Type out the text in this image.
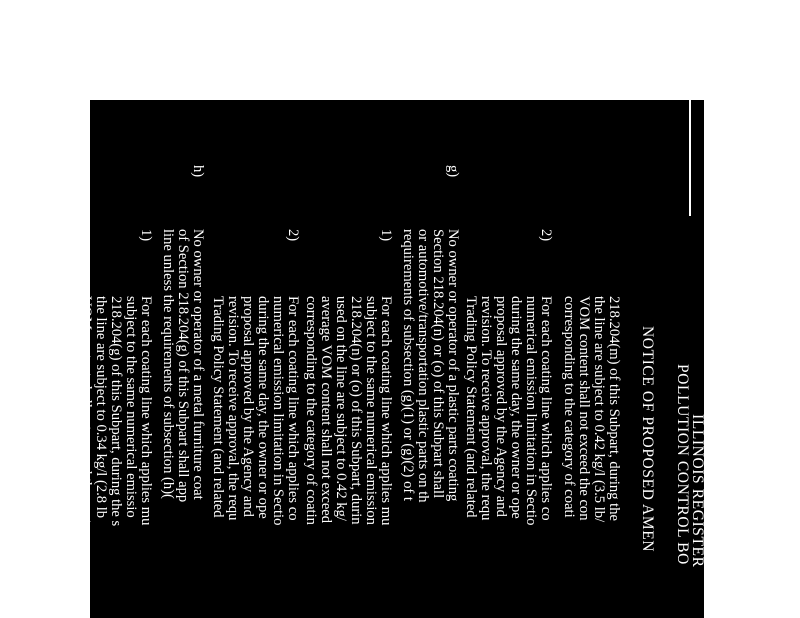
ILLINOIS REGISTER
POLLUTION CONTROL BO
NOTICE OF PROPOSED AMEN
218.204(m) of this Subpart, during the
the line are subject to 0.42 kg/l (3.5 lb/
VOM content shall not exceed the con
corresponding to the category of coati
2)
For each coating line which applies co
numerical emission limitation in Sectio
during the same day, the owner or ope
proposal approved by the Agency and
revision. To receive approval, the requ
Trading Policy Statement (and related
g)
No owner or operator of a plastic parts coating
Section 218.204(n) or (o) of this Subpart shall
or automotive/transportation plastic parts on th
requirements of subsection (g)(1) or (g)(2) of t
1)
For each coating line which applies mu
subject to the same numerical emission
218.204(n) or (o) of this Subpart, durin
used on the line are subject to 0.42 kg/
average VOM content shall not exceed
corresponding to the category of coatin
2)
For each coating line which applies co
numerical emission limitation in Sectio
during the same day, the owner or ope
proposal approved by the Agency and
revision. To receive approval, the requ
Trading Policy Statement (and related
h)
No owner or operator of a metal furniture coat
of Section 218.204(g) of this Subpart shall app
line unless the requirements of subsection (h)(
1)
For each coating line which applies mu
subject to the same numerical emissio
218.204(g) of this Subpart, during the s
the line are subject to 0.34 kg/l (2.8 lb
VOM content shall not exceed the coat
